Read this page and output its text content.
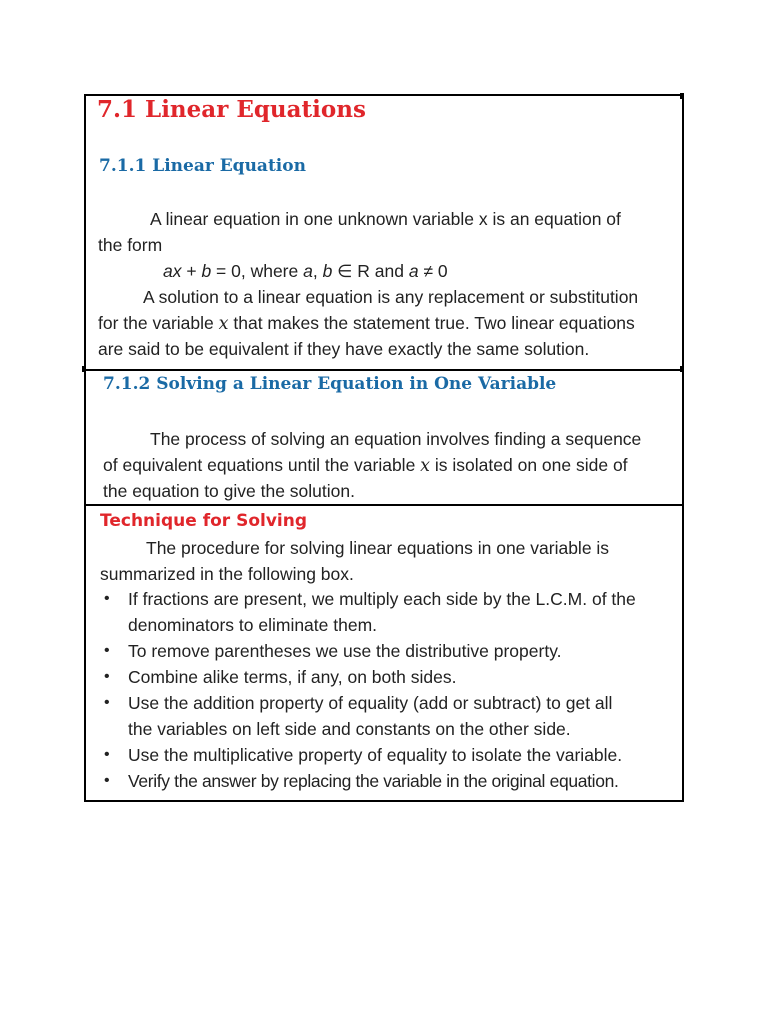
7.1 Linear Equations
7.1.1 Linear Equation
A linear equation in one unknown variable x is an equation of
the form
ax + b = 0, where a, b ∈ R and a ≠ 0
A solution to a linear equation is any replacement or substitution
for the variable x that makes the statement true. Two linear equations
are said to be equivalent if they have exactly the same solution.
7.1.2 Solving a Linear Equation in One Variable
The process of solving an equation involves finding a sequence
of equivalent equations until the variable x is isolated on one side of
the equation to give the solution.
Technique for Solving
The procedure for solving linear equations in one variable is
summarized in the following box.
• If fractions are present, we multiply each side by the L.C.M. of the
denominators to eliminate them.
• To remove parentheses we use the distributive property.
• Combine alike terms, if any, on both sides.
• Use the addition property of equality (add or subtract) to get all
the variables on left side and constants on the other side.
• Use the multiplicative property of equality to isolate the variable.
• Verify the answer by replacing the variable in the original equation.
